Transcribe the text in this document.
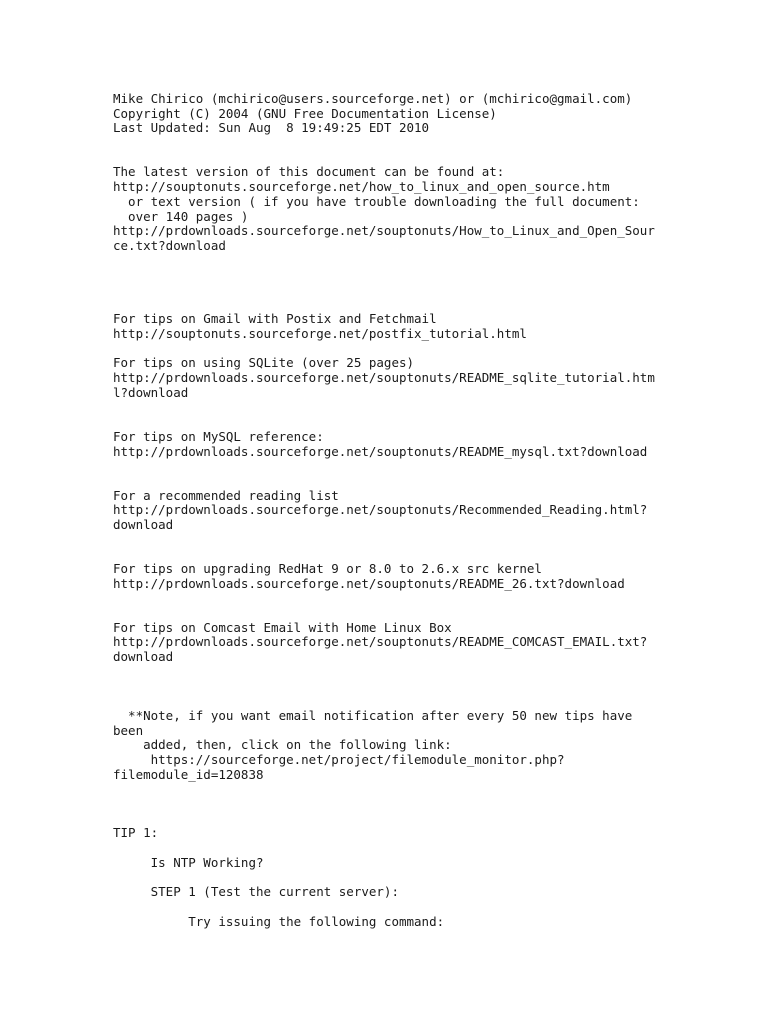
Mike Chirico (mchirico@users.sourceforge.net) or (mchirico@gmail.com)
Copyright (C) 2004 (GNU Free Documentation License)
Last Updated: Sun Aug  8 19:49:25 EDT 2010
The latest version of this document can be found at:
http://souptonuts.sourceforge.net/how_to_linux_and_open_source.htm
or text version ( if you have trouble downloading the full document:
over 140 pages )
http://prdownloads.sourceforge.net/souptonuts/How_to_Linux_and_Open_Sour
ce.txt?download
For tips on Gmail with Postix and Fetchmail
http://souptonuts.sourceforge.net/postfix_tutorial.html
For tips on using SQLite (over 25 pages)
http://prdownloads.sourceforge.net/souptonuts/README_sqlite_tutorial.htm
l?download
For tips on MySQL reference:
http://prdownloads.sourceforge.net/souptonuts/README_mysql.txt?download
For a recommended reading list
http://prdownloads.sourceforge.net/souptonuts/Recommended_Reading.html?
download
For tips on upgrading RedHat 9 or 8.0 to 2.6.x src kernel
http://prdownloads.sourceforge.net/souptonuts/README_26.txt?download
For tips on Comcast Email with Home Linux Box
http://prdownloads.sourceforge.net/souptonuts/README_COMCAST_EMAIL.txt?
download
**Note, if you want email notification after every 50 new tips have
been
added, then, click on the following link:
https://sourceforge.net/project/filemodule_monitor.php?
filemodule_id=120838
TIP 1:
Is NTP Working?
STEP 1 (Test the current server):
Try issuing the following command:
